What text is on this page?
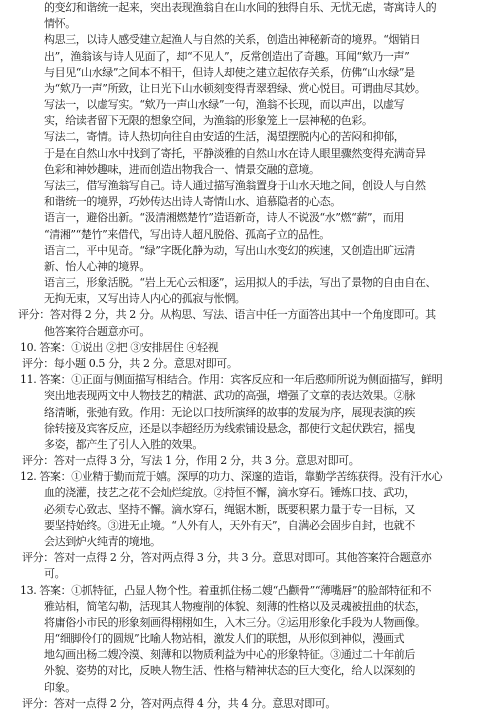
的变幻和谐统一起来，突出表现渔翁自在山水间的独得自乐、无忧无虑，寄寓诗人的
情怀。
构思三，以诗人感受建立起渔人与自然的关系，创造出神秘新奇的境界。“烟销日
出”，渔翁该与诗人见面了，却“不见人”，反常创造出了奇趣。耳闻“欸乃一声”
与目见“山水绿”之间本不相干，但诗人却使之建立起依存关系，仿佛“山水绿”是
为“欸乃一声”所致，让日光下山水顿刻变得青翠碧绿、赏心悦目。可谓曲尽其妙。
写法一，以虚写实。“欸乃一声山水绿”一句，渔翁不长现，而以声出，以虚写
实，给读者留下无限的想象空间，为渔翁的形象笼上一层神秘的色彩。
写法二，寄情。诗人热切向往自由安适的生活，渴望摆脱内心的苦闷和抑郁，
于是在自然山水中找到了寄托，平静淡雅的自然山水在诗人眼里骤然变得充满奇异
色彩和神妙趣味，进而创造出物我合一、情景交融的意境。
写法三，借写渔翁写自己。诗人通过描写渔翁置身于山水天地之间，创设人与自然
和谐统一的境界，巧妙传达出诗人寄情山水、追慕隐者的心态。
语言一，避俗出新。“汲清湘燃楚竹”造语新奇，诗人不说汲“水”燃“薪”，而用
“清湘”“楚竹”来借代，写出诗人超凡脱俗、孤高孑立的品性。
语言二，平中见奇。“绿”字既化静为动，写出山水变幻的疾速，又创造出旷远清
新、怡人心神的境界。
语言三，形象活脱。“岩上无心云相逐”，运用拟人的手法，写出了景物的自由自在、
无拘无束，又写出诗人内心的孤寂与怅惘。
评分：答对得 2 分，共 2 分。从构思、写法、语言中任一方面答出其中一个角度即可。其
他答案符合题意亦可。
10. 答案：①说出 ②把 ③安排居住 ④轻视
评分：每小题 0.5 分，共 2 分。意思对即可。
11. 答案：①正面与侧面描写相结合。作用：宾客反应和一年后憨师所说为侧面描写，鲜明
突出地表现两文中人物技艺的精湛、武功的高强，增强了文章的表达效果。②脉
络清晰，张弛有致。作用：无论以口技所演绎的故事的发展为序，展现表演的疾
徐转接及宾客反应，还是以李超经历为线索铺设悬念，都使行文起伏跌宕，摇曳
多姿，都产生了引人入胜的效果。
评分：答对一点得 3 分，写法 1 分，作用 2 分，共 3 分。意思对即可。
12. 答案：①业精于勤而荒于嬉。深厚的功力、深邃的造诣，靠勤学苦练获得。没有汗水心
血的浇灌，技艺之花不会灿烂绽放。②持恒不懈，滴水穿石。锤炼口技、武功，
必须专心致志、坚持不懈。滴水穿石，绳锯木断，既要积累力量于专一目标，又
要坚持始终。③进无止境。“人外有人，天外有天”，自满必会固步自封，也就不
会达到炉火纯青的境地。
评分：答对一点得 2 分，答对两点得 3 分，共 3 分。意思对即可。其他答案符合题意亦
可。
13. 答案：①抓特征，凸显人物个性。着重抓住杨二嫂“凸颧骨”“薄嘴唇”的脸部特征和不
雅站相，简笔勾勒，活现其人物瘦削的体貌、刻薄的性格以及灵魂被扭曲的状态，
将庸俗小市民的形象刻画得栩栩如生，入木三分。②运用形象化手段为人物画像。
用“细脚伶仃的圆规”比喻人物站相，激发人们的联想，从形似到神似，漫画式
地勾画出杨二嫂冷漠、刻薄和以物质利益为中心的形象特征。③通过二十年前后
外貌、姿势的对比，反映人物生活、性格与精神状态的巨大变化，给人以深刻的
印象。
评分：答对一点得 2 分，答对两点得 4 分，共 4 分。意思对即可。
